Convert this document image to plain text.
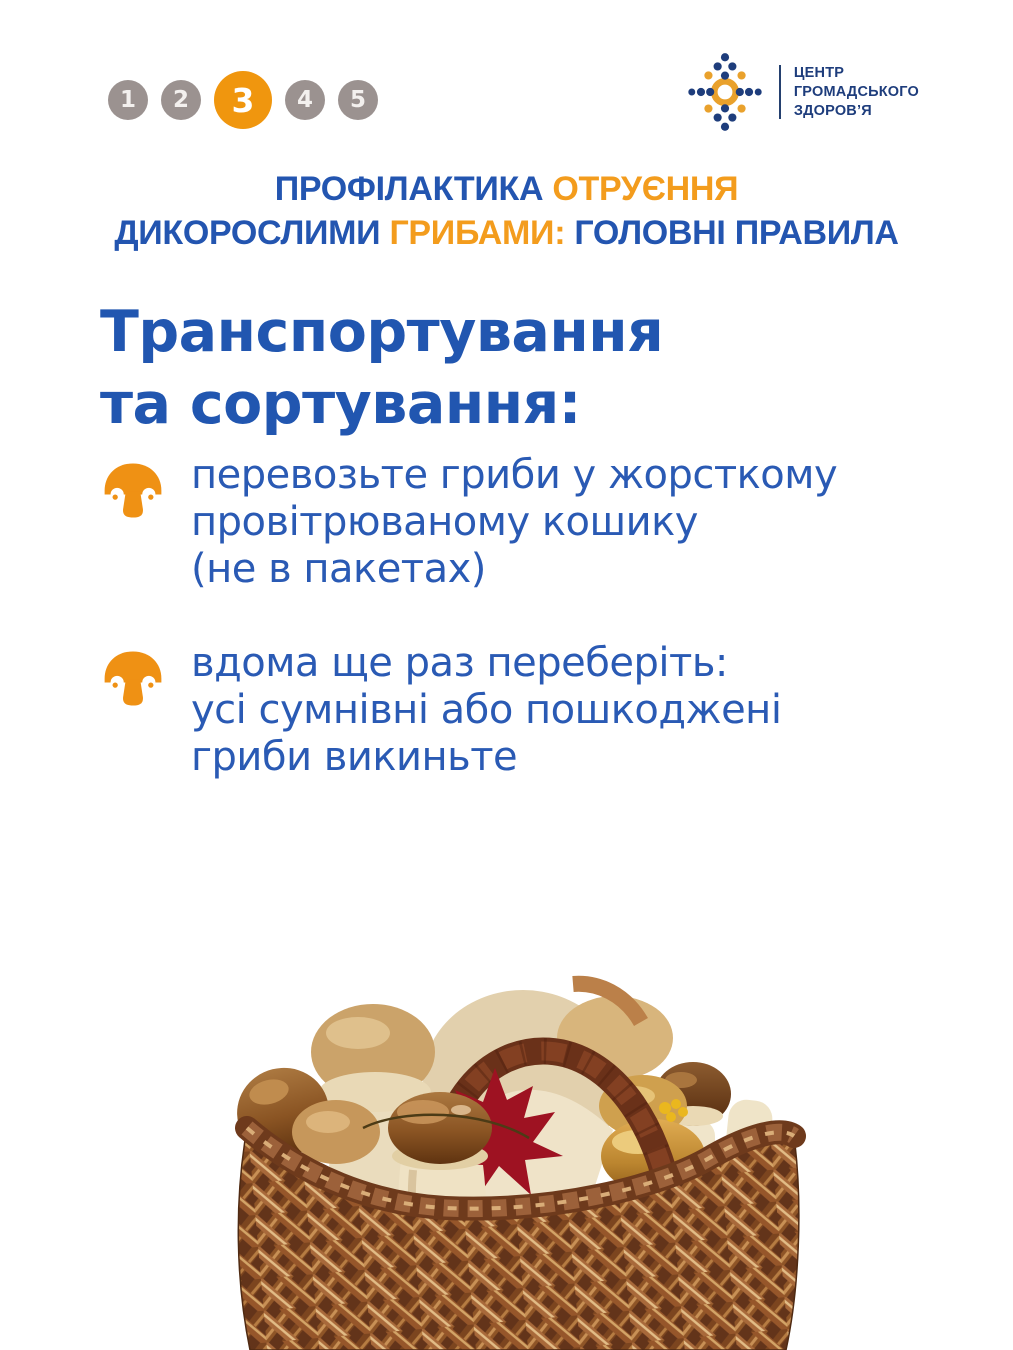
1	2	3	4	5
ЦЕНТР
ГРОМАДСЬКОГО
ЗДОРОВ’Я
ПРОФІЛАКТИКА ОТРУЄННЯ
ДИКОРОСЛИМИ ГРИБАМИ: ГОЛОВНІ ПРАВИЛА
Транспортування
та сортування:
перевозьте гриби у жорсткому
провітрюваному кошику
(не в пакетах)
вдома ще раз переберіть:
усі сумнівні або пошкоджені
гриби викиньте
